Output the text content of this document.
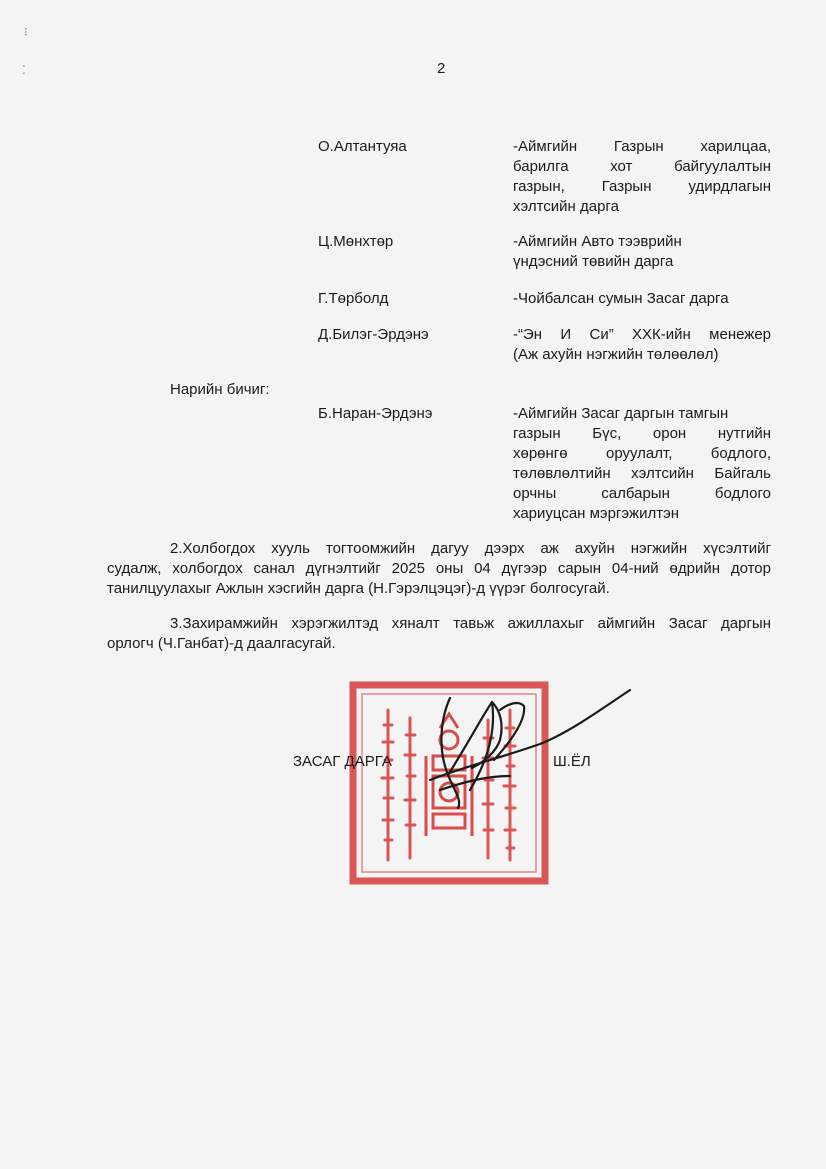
⁝
⁚	2
О.Алтантуяа	-Аймгийн Газрын харилцаа,
барилга хот байгуулалтын
газрын, Газрын удирдлагын
хэлтсийн дарга
Ц.Мөнхтөр	-Аймгийн Авто тээврийн
үндэсний төвийн дарга
Г.Төрболд	-Чойбалсан сумын Засаг дарга
Д.Билэг-Эрдэнэ	-“Эн И Си” ХХК-ийн менежер
(Аж ахуйн нэгжийн төлөөлөл)
Нарийн бичиг:
Б.Наран-Эрдэнэ	-Аймгийн Засаг даргын тамгын
газрын Бүс, орон нутгийн
хөрөнгө оруулалт, бодлого,
төлөвлөлтийн хэлтсийн Байгаль
орчны салбарын бодлого
хариуцсан мэргэжилтэн
2.Холбогдох хууль тогтоомжийн дагуу дээрх аж ахуйн нэгжийн хүсэлтийг
судалж, холбогдох санал дүгнэлтийг 2025 оны 04 дүгээр сарын 04-ний өдрийн дотор
танилцуулахыг Ажлын хэсгийн дарга (Н.Гэрэлцэцэг)-д үүрэг болгосугай.
3.Захирамжийн хэрэгжилтэд хяналт тавьж ажиллахыг аймгийн Засаг даргын
орлогч (Ч.Ганбат)-д даалгасугай.
ЗАСАГ ДАРГА	Ш.ЁЛ
